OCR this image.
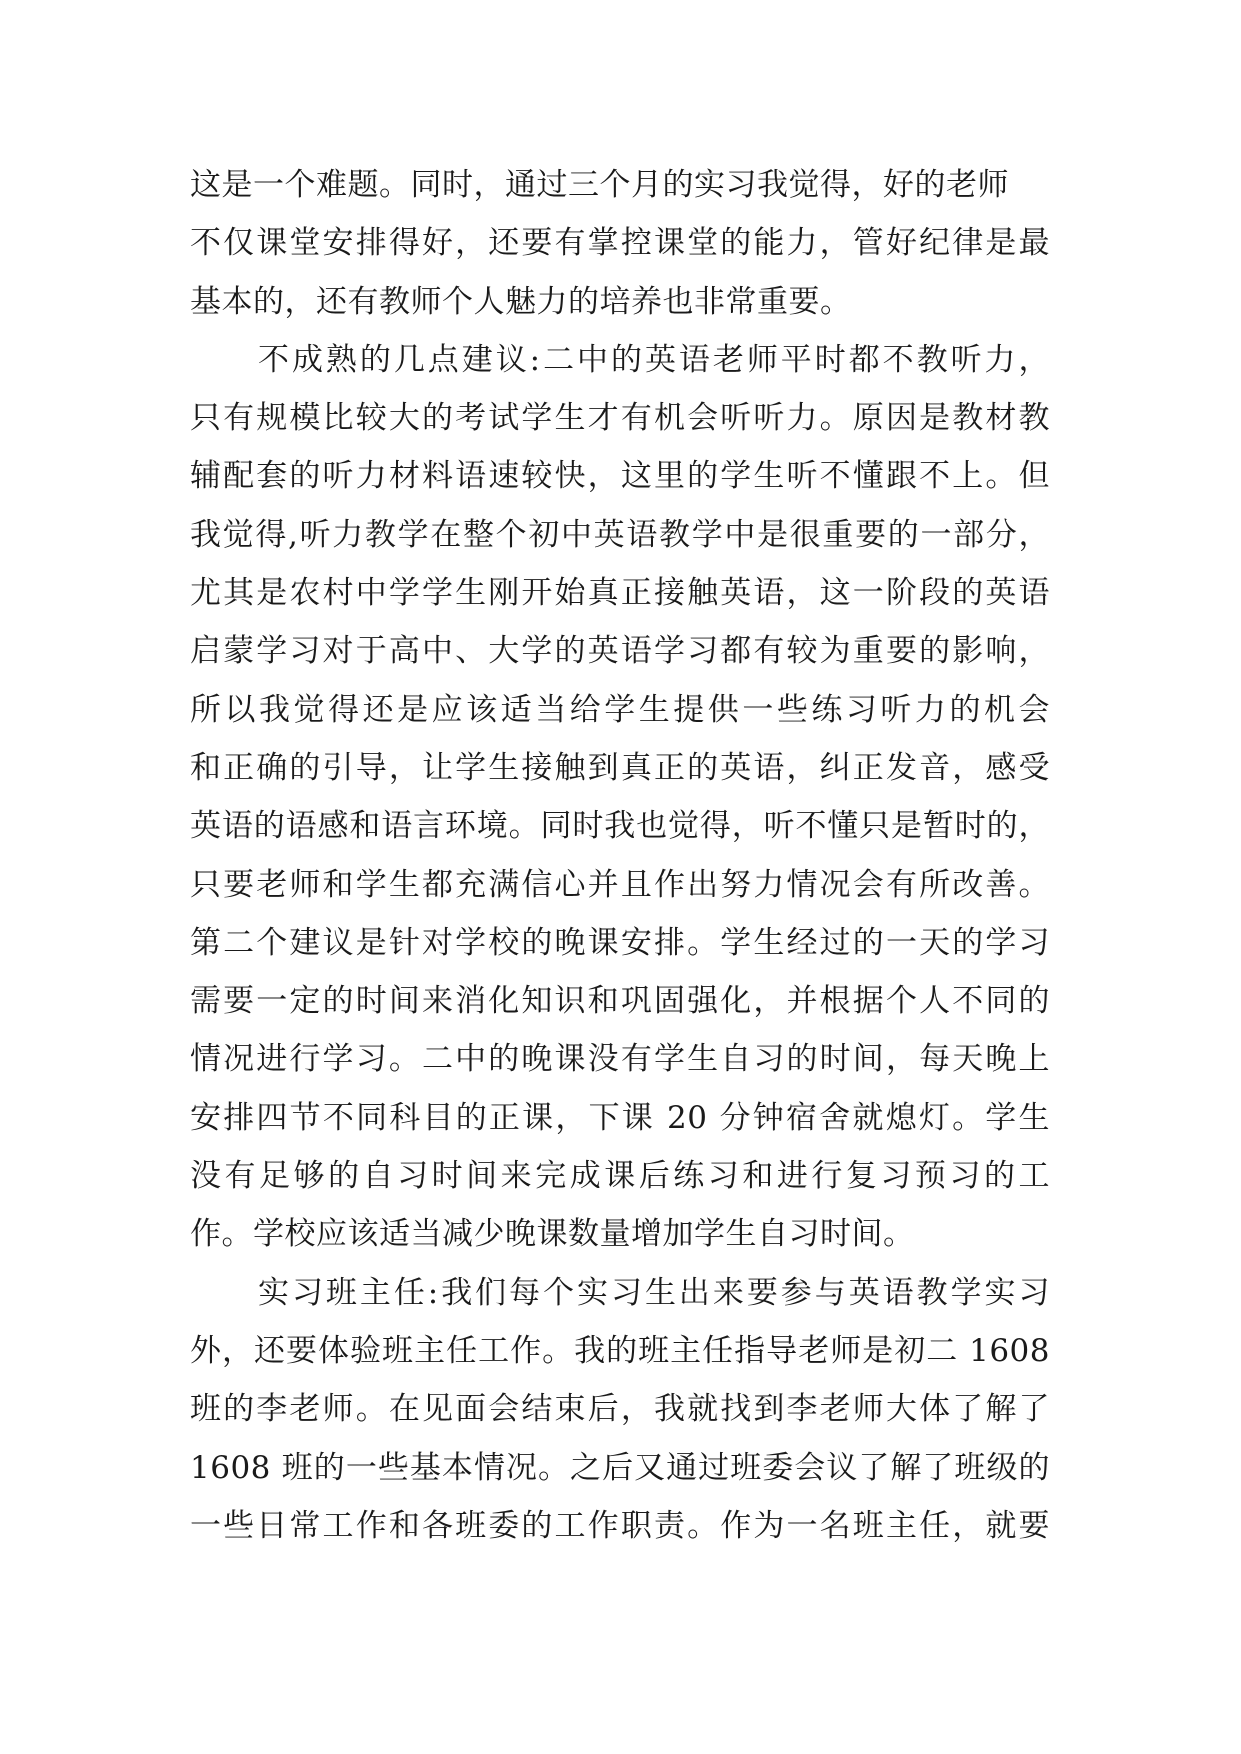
这是一个难题。同时，通过三个月的实习我觉得，好的老师
不仅课堂安排得好，还要有掌控课堂的能力，管好纪律是最
基本的，还有教师个人魅力的培养也非常重要。
不成熟的几点建议:二中的英语老师平时都不教听力，
只有规模比较大的考试学生才有机会听听力。原因是教材教
辅配套的听力材料语速较快，这里的学生听不懂跟不上。但
我觉得,听力教学在整个初中英语教学中是很重要的一部分，
尤其是农村中学学生刚开始真正接触英语，这一阶段的英语
启蒙学习对于高中、大学的英语学习都有较为重要的影响，
所以我觉得还是应该适当给学生提供一些练习听力的机会
和正确的引导，让学生接触到真正的英语，纠正发音，感受
英语的语感和语言环境。同时我也觉得，听不懂只是暂时的，
只要老师和学生都充满信心并且作出努力情况会有所改善。
第二个建议是针对学校的晚课安排。学生经过的一天的学习
需要一定的时间来消化知识和巩固强化，并根据个人不同的
情况进行学习。二中的晚课没有学生自习的时间，每天晚上
安排四节不同科目的正课，下课 20 分钟宿舍就熄灯。学生
没有足够的自习时间来完成课后练习和进行复习预习的工
作。学校应该适当减少晚课数量增加学生自习时间。
实习班主任:我们每个实习生出来要参与英语教学实习
外，还要体验班主任工作。我的班主任指导老师是初二 1608
班的李老师。在见面会结束后，我就找到李老师大体了解了
1608 班的一些基本情况。之后又通过班委会议了解了班级的
一些日常工作和各班委的工作职责。作为一名班主任，就要
